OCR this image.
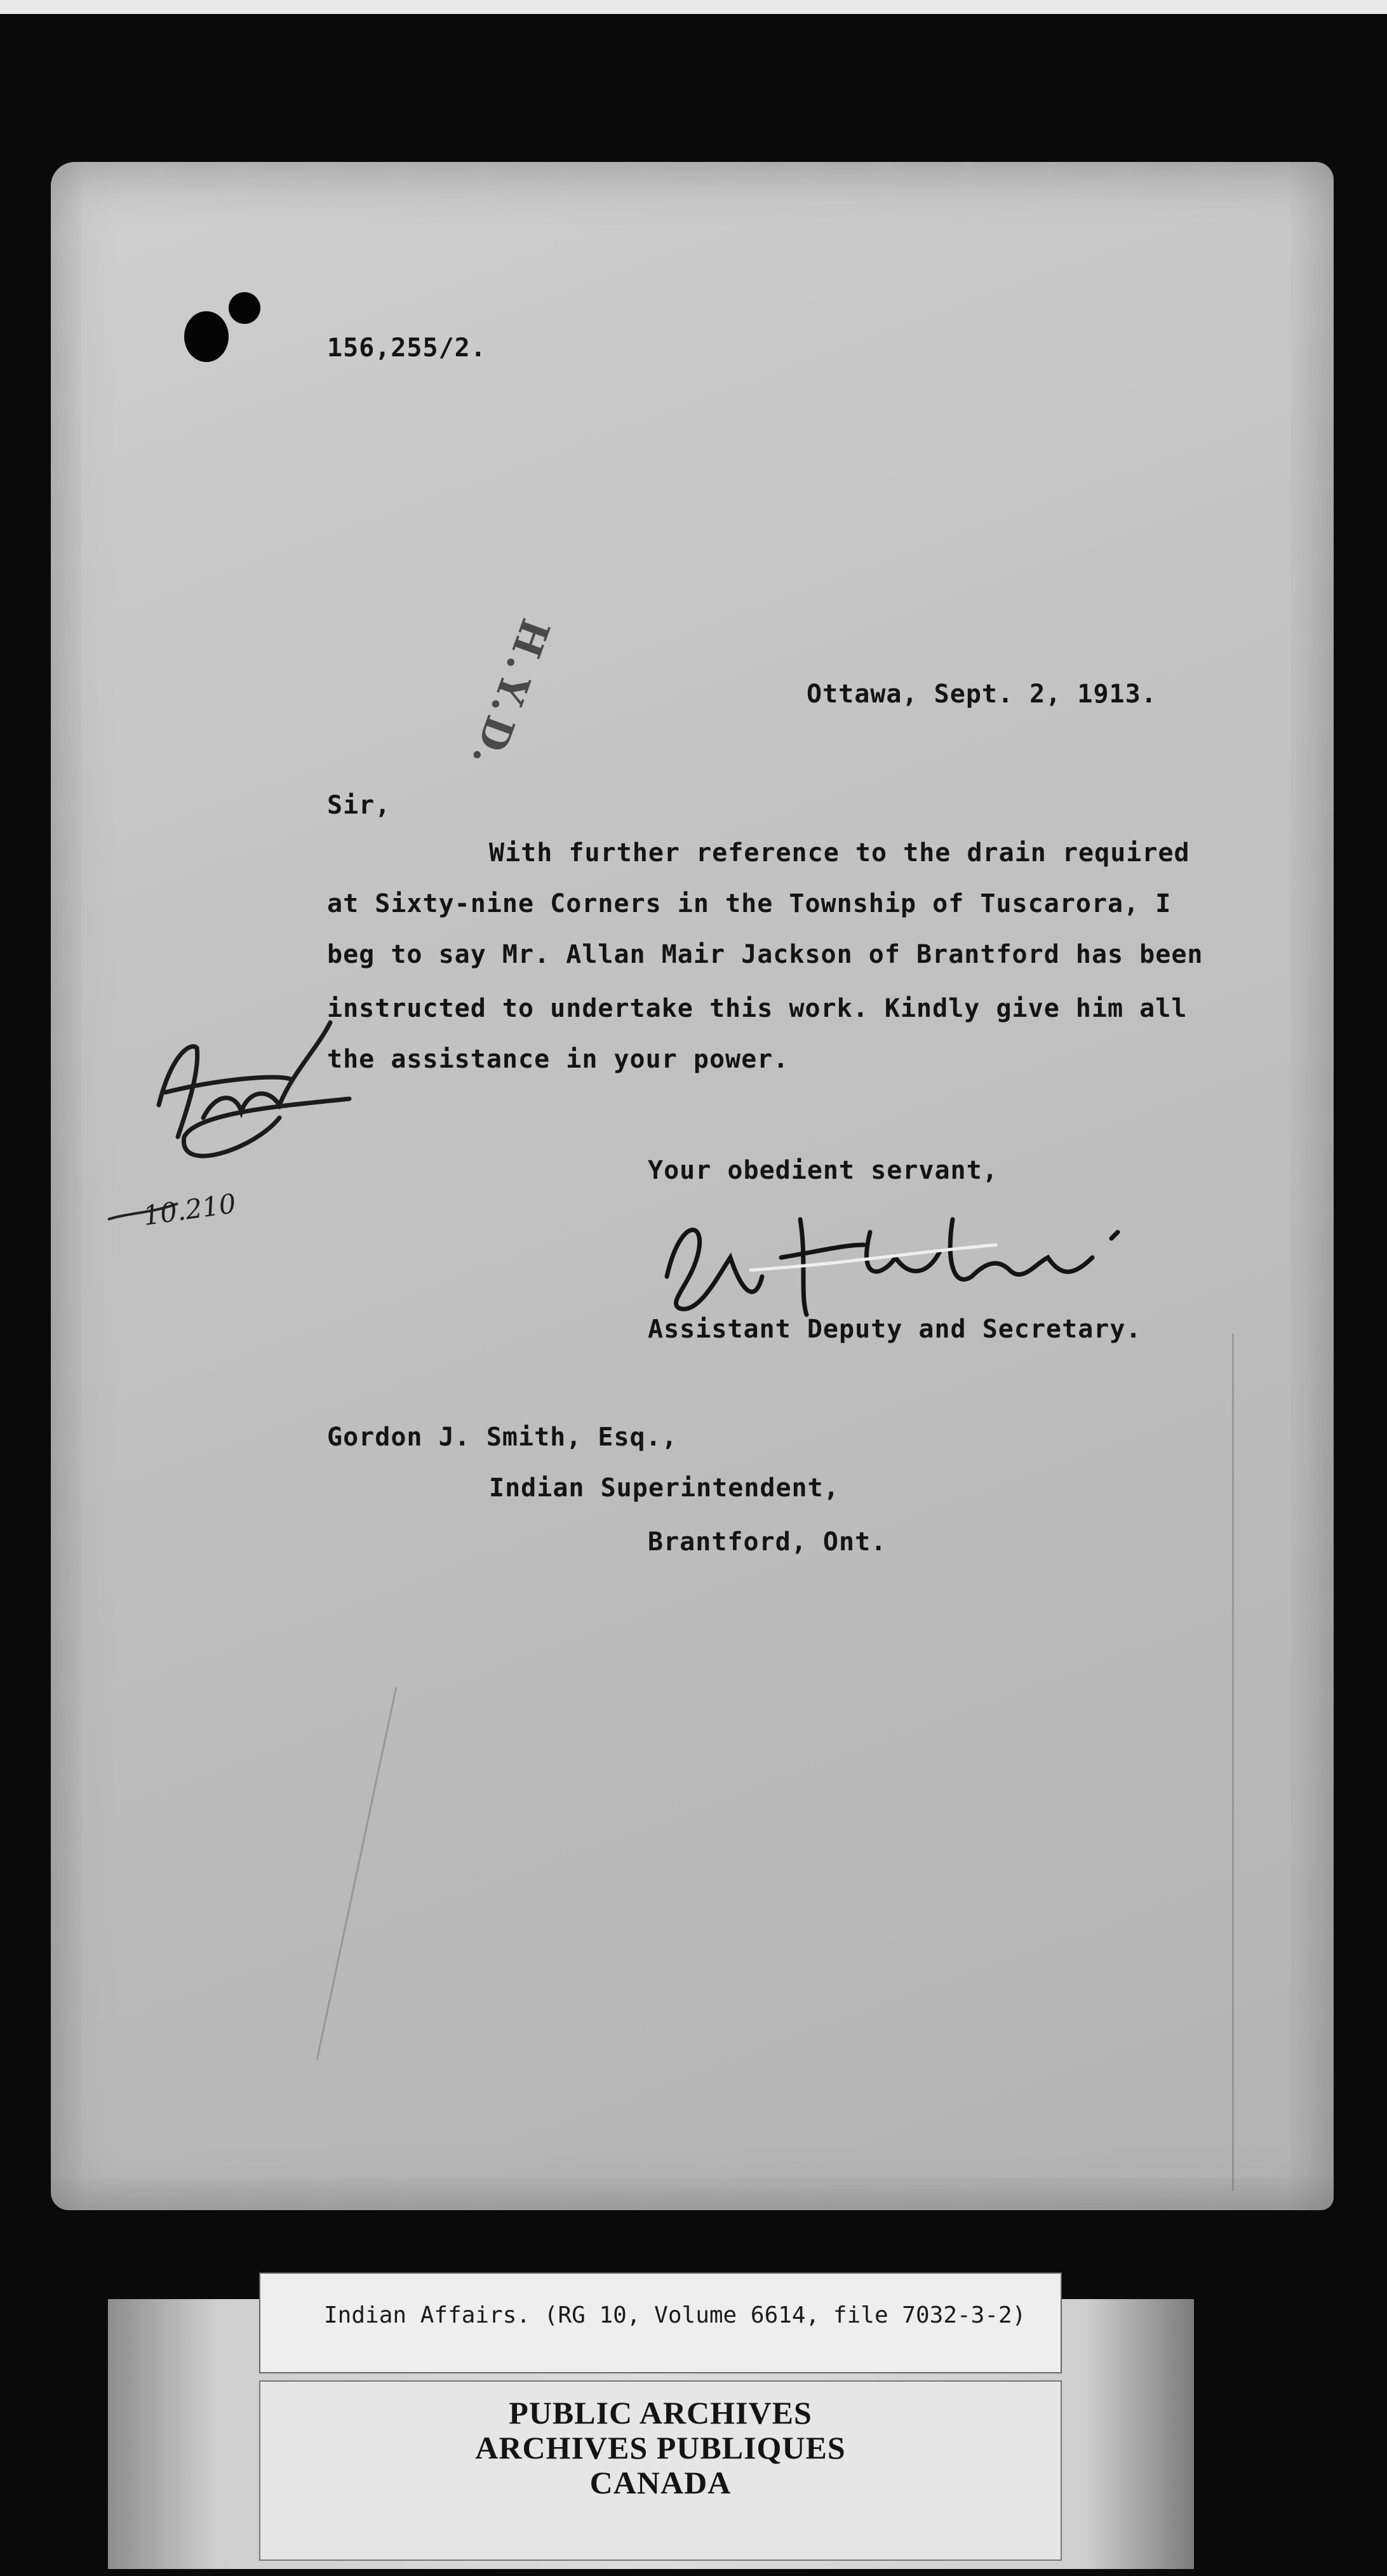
156,255/2.
H.Y.D.	Ottawa, Sept. 2, 1913.
Sir,
With further reference to the drain required
at Sixty-nine Corners in the Township of Tuscarora, I
beg to say Mr. Allan Mair Jackson of Brantford has been
instructed to undertake this work. Kindly give him all
the assistance in your power.
10.210
Your obedient servant,
Assistant Deputy and Secretary.
Gordon J. Smith, Esq.,
Indian Superintendent,
Brantford, Ont.
Indian Affairs. (RG 10, Volume 6614, file 7032-3-2)
PUBLIC ARCHIVES
ARCHIVES PUBLIQUES
CANADA
